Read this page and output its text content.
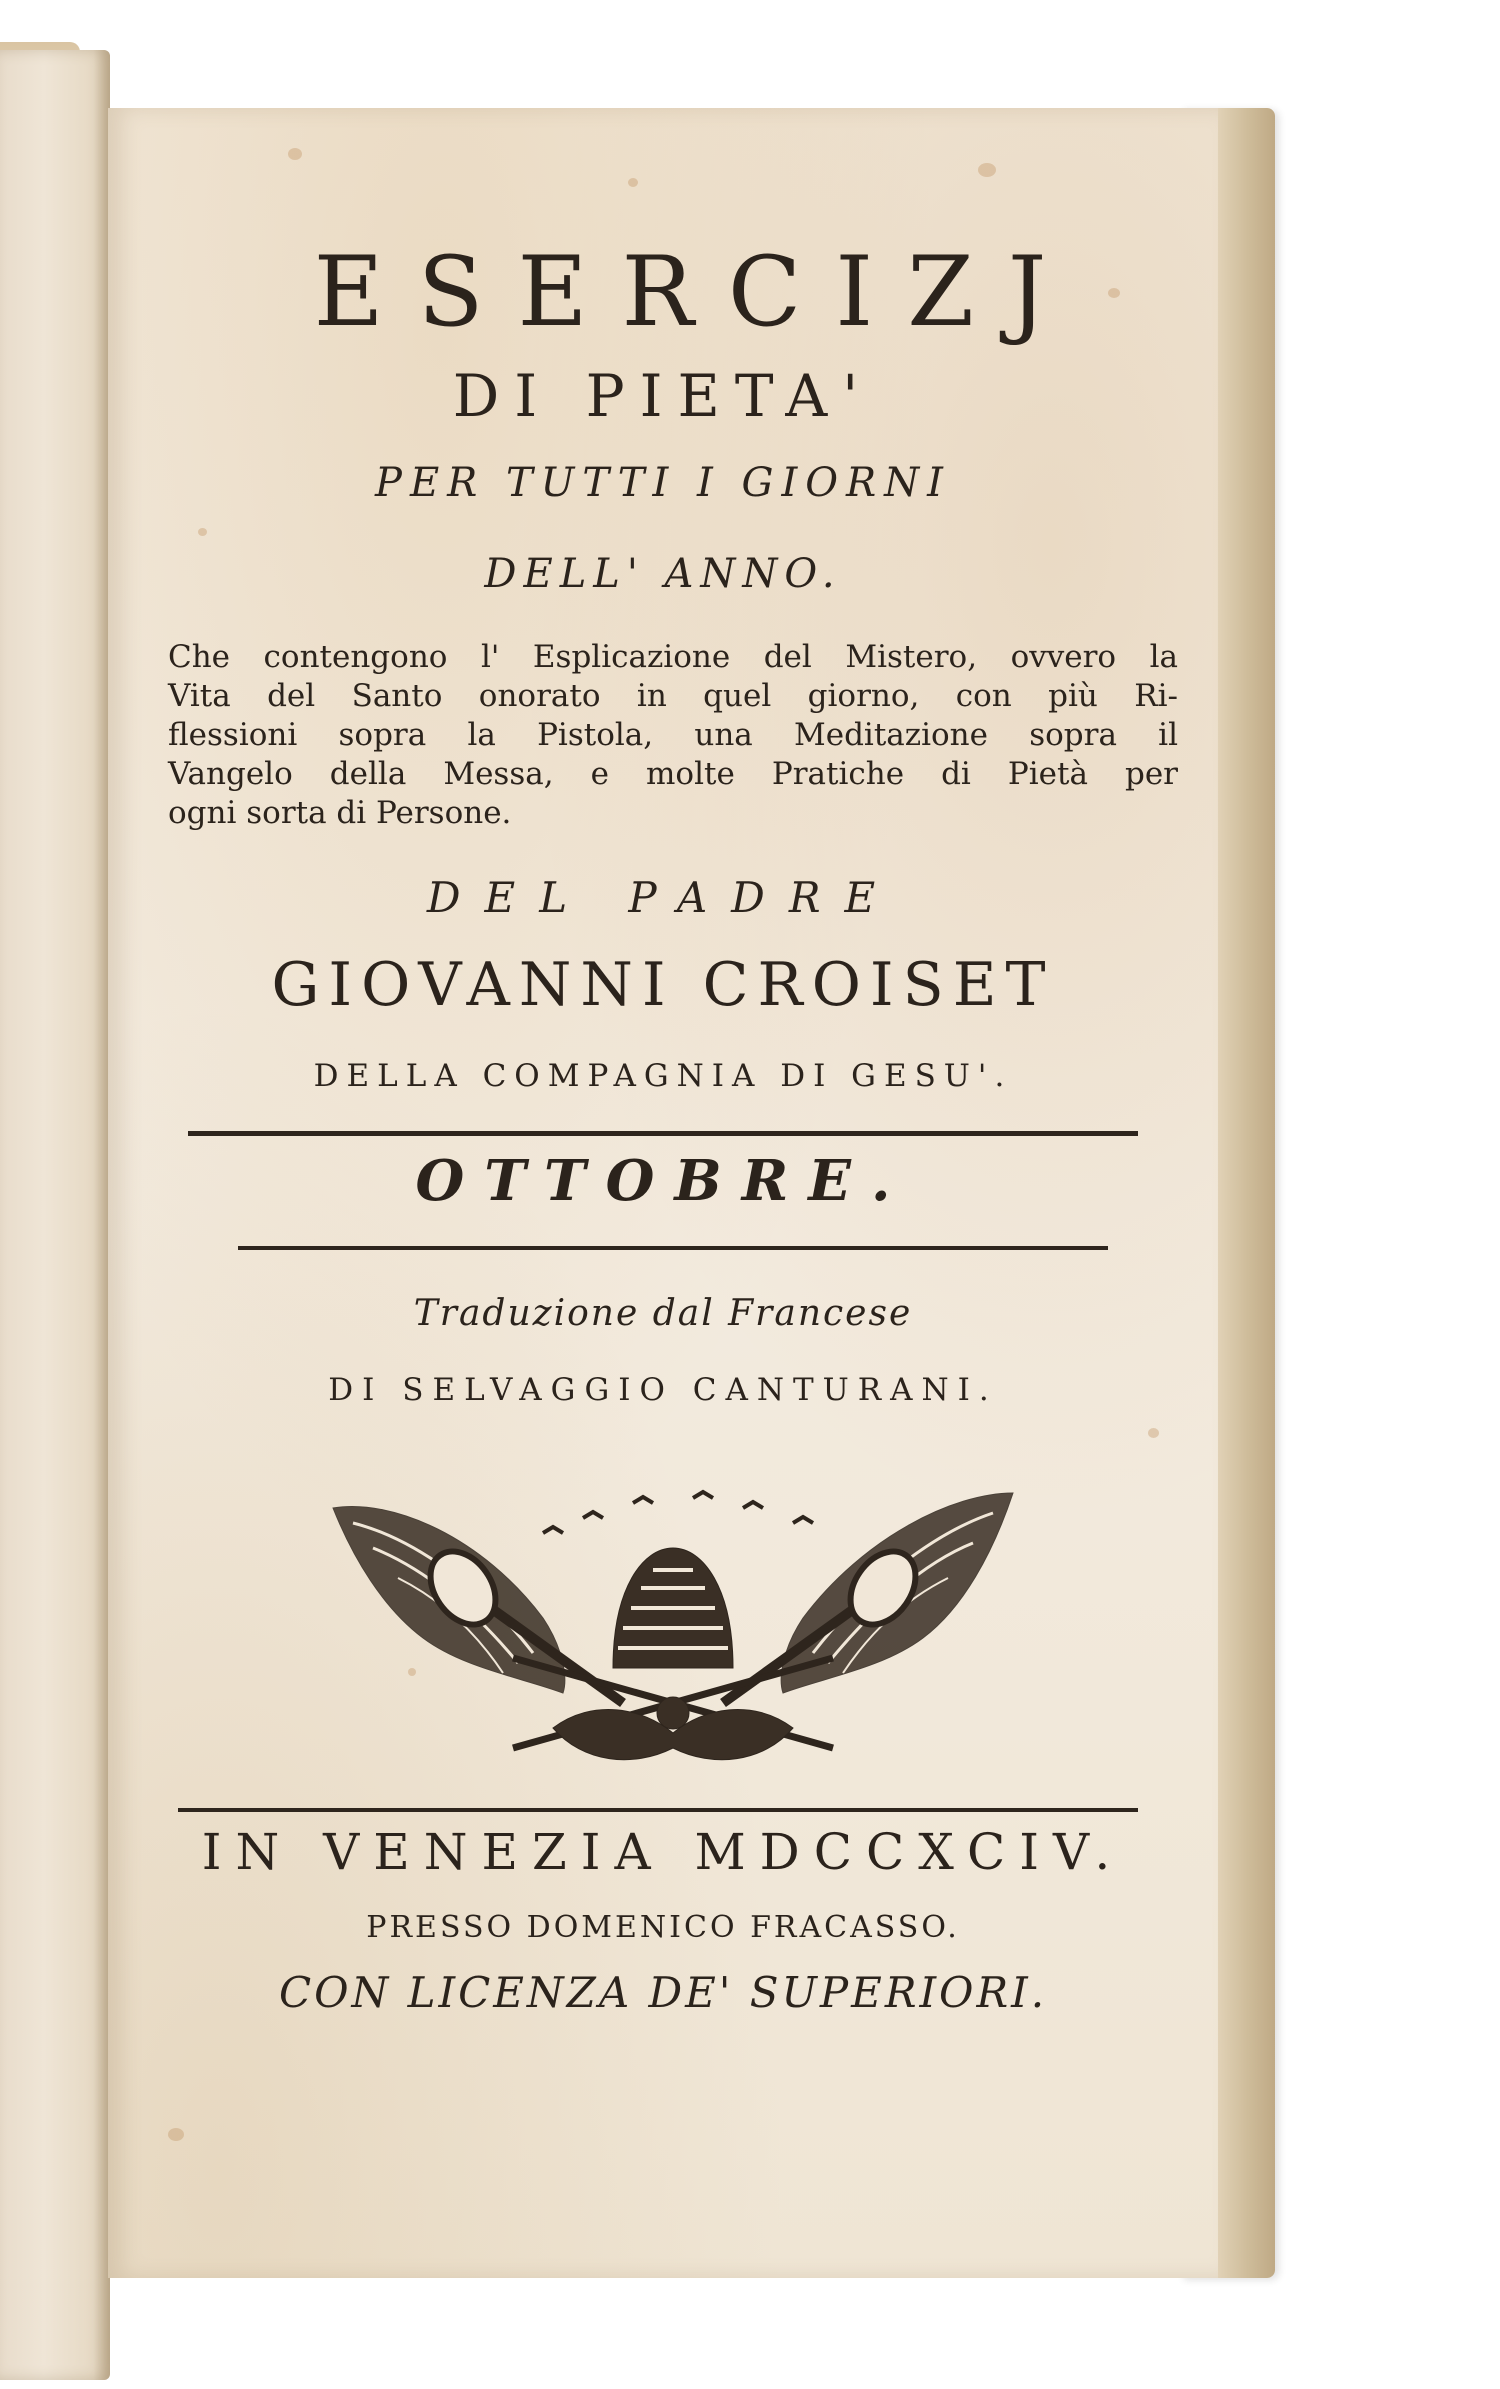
ESERCIZJ

DI PIETA'

PER TUTTI I GIORNI

DELL' ANNO.

Che contengono l' Esplicazione del Mistero, ovvero la
Vita del Santo onorato in quel giorno, con più Ri-
flessioni sopra la Pistola, una Meditazione sopra il
Vangelo della Messa, e molte Pratiche di Pietà per
ogni sorta di Persone.

DEL PADRE

GIOVANNI CROISET

DELLA COMPAGNIA DI GESU'.

OTTOBRE.

Traduzione dal Francese

DI SELVAGGIO CANTURANI.

IN VENEZIA MDCCXCIV.

PRESSO DOMENICO FRACASSO.

CON LICENZA DE' SUPERIORI.
